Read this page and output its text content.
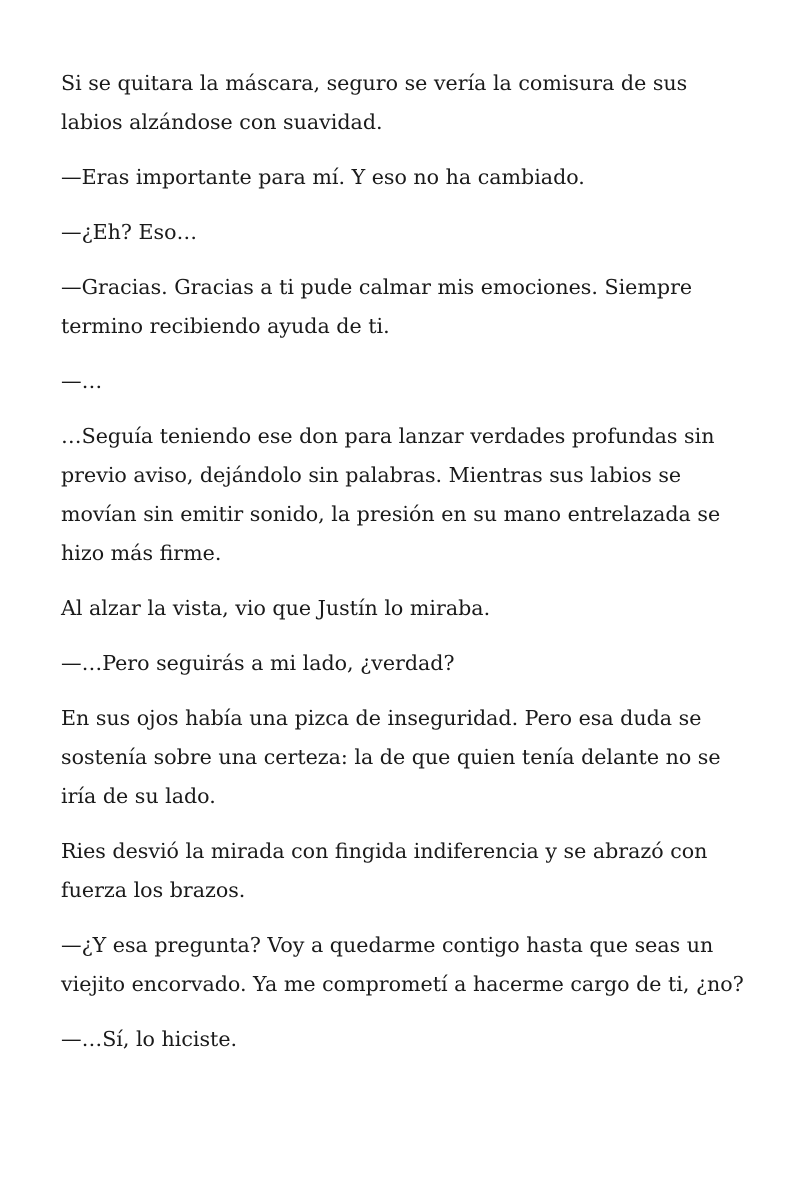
Si se quitara la máscara, seguro se vería la comisura de sus labios alzándose con suavidad.

—Eras importante para mí. Y eso no ha cambiado.

—¿Eh? Eso…

—Gracias. Gracias a ti pude calmar mis emociones. Siempre termino recibiendo ayuda de ti.

—…

…Seguía teniendo ese don para lanzar verdades profundas sin previo aviso, dejándolo sin palabras. Mientras sus labios se movían sin emitir sonido, la presión en su mano entrelazada se hizo más firme.

Al alzar la vista, vio que Justín lo miraba.

—…Pero seguirás a mi lado, ¿verdad?

En sus ojos había una pizca de inseguridad. Pero esa duda se sostenía sobre una certeza: la de que quien tenía delante no se iría de su lado.

Ries desvió la mirada con fingida indiferencia y se abrazó con fuerza los brazos.

—¿Y esa pregunta? Voy a quedarme contigo hasta que seas un viejito encorvado. Ya me comprometí a hacerme cargo de ti, ¿no?

—…Sí, lo hiciste.
